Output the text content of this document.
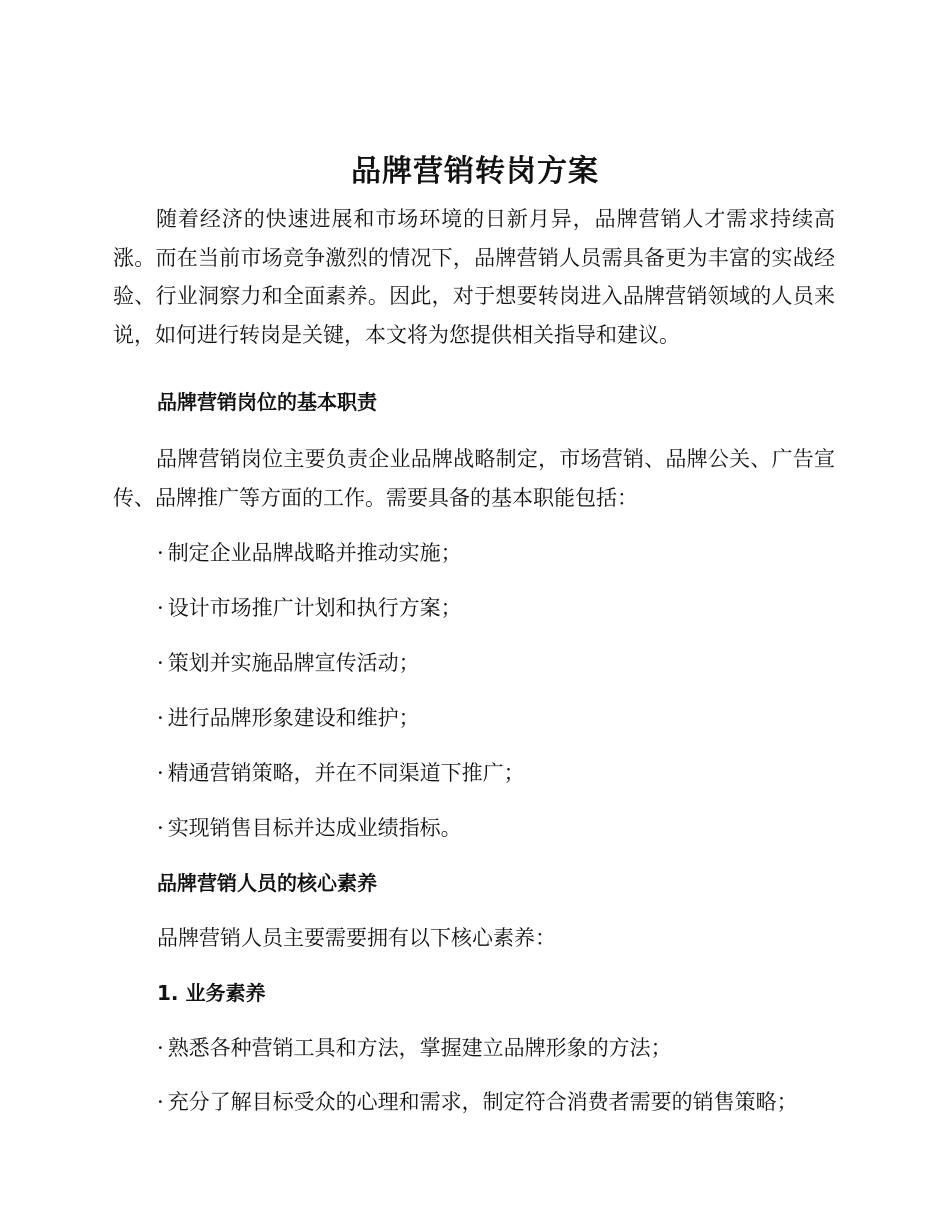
品牌营销转岗方案

随着经济的快速进展和市场环境的日新月异，品牌营销人才需求持续高涨。而在当前市场竞争激烈的情况下，品牌营销人员需具备更为丰富的实战经验、行业洞察力和全面素养。因此，对于想要转岗进入品牌营销领域的人员来说，如何进行转岗是关键，本文将为您提供相关指导和建议。

品牌营销岗位的基本职责

品牌营销岗位主要负责企业品牌战略制定，市场营销、品牌公关、广告宣传、品牌推广等方面的工作。需要具备的基本职能包括：

· 制定企业品牌战略并推动实施；

· 设计市场推广计划和执行方案；

· 策划并实施品牌宣传活动；

· 进行品牌形象建设和维护；

· 精通营销策略，并在不同渠道下推广；

· 实现销售目标并达成业绩指标。

品牌营销人员的核心素养

品牌营销人员主要需要拥有以下核心素养：

1. 业务素养

· 熟悉各种营销工具和方法，掌握建立品牌形象的方法；

· 充分了解目标受众的心理和需求，制定符合消费者需要的销售策略；
